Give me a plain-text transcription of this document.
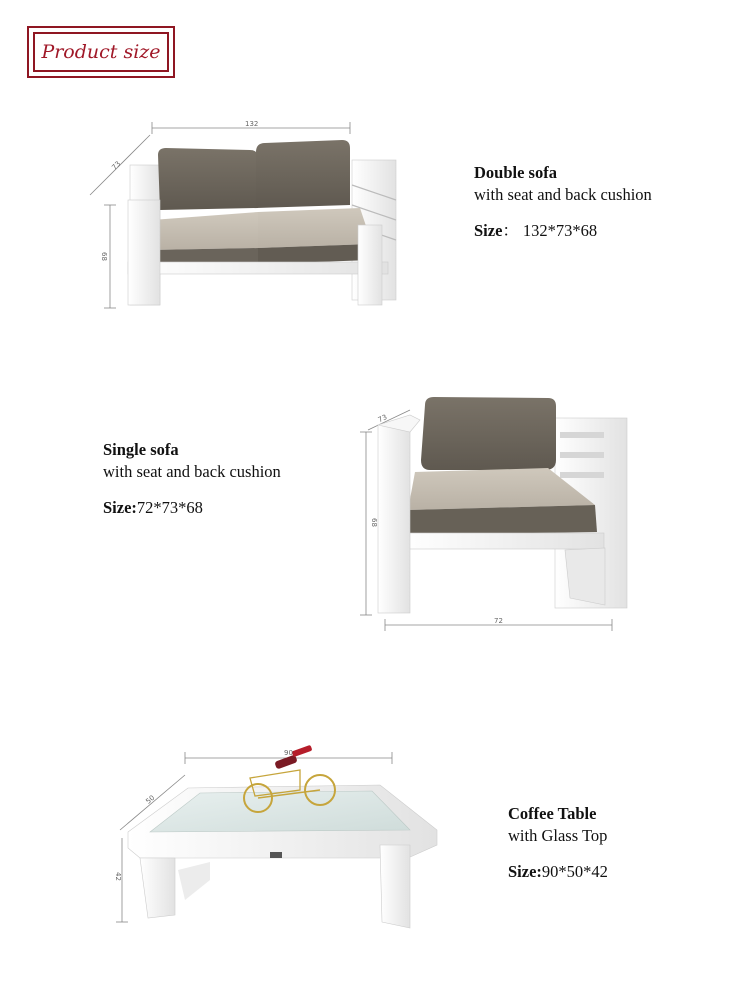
Product size
132
73
68
73
68
72
90
50
42
Double sofa
with seat and back cushion
Size： 132*73*68
Single sofa
with seat and back cushion
Size:72*73*68
Coffee Table
with Glass Top
Size:90*50*42
